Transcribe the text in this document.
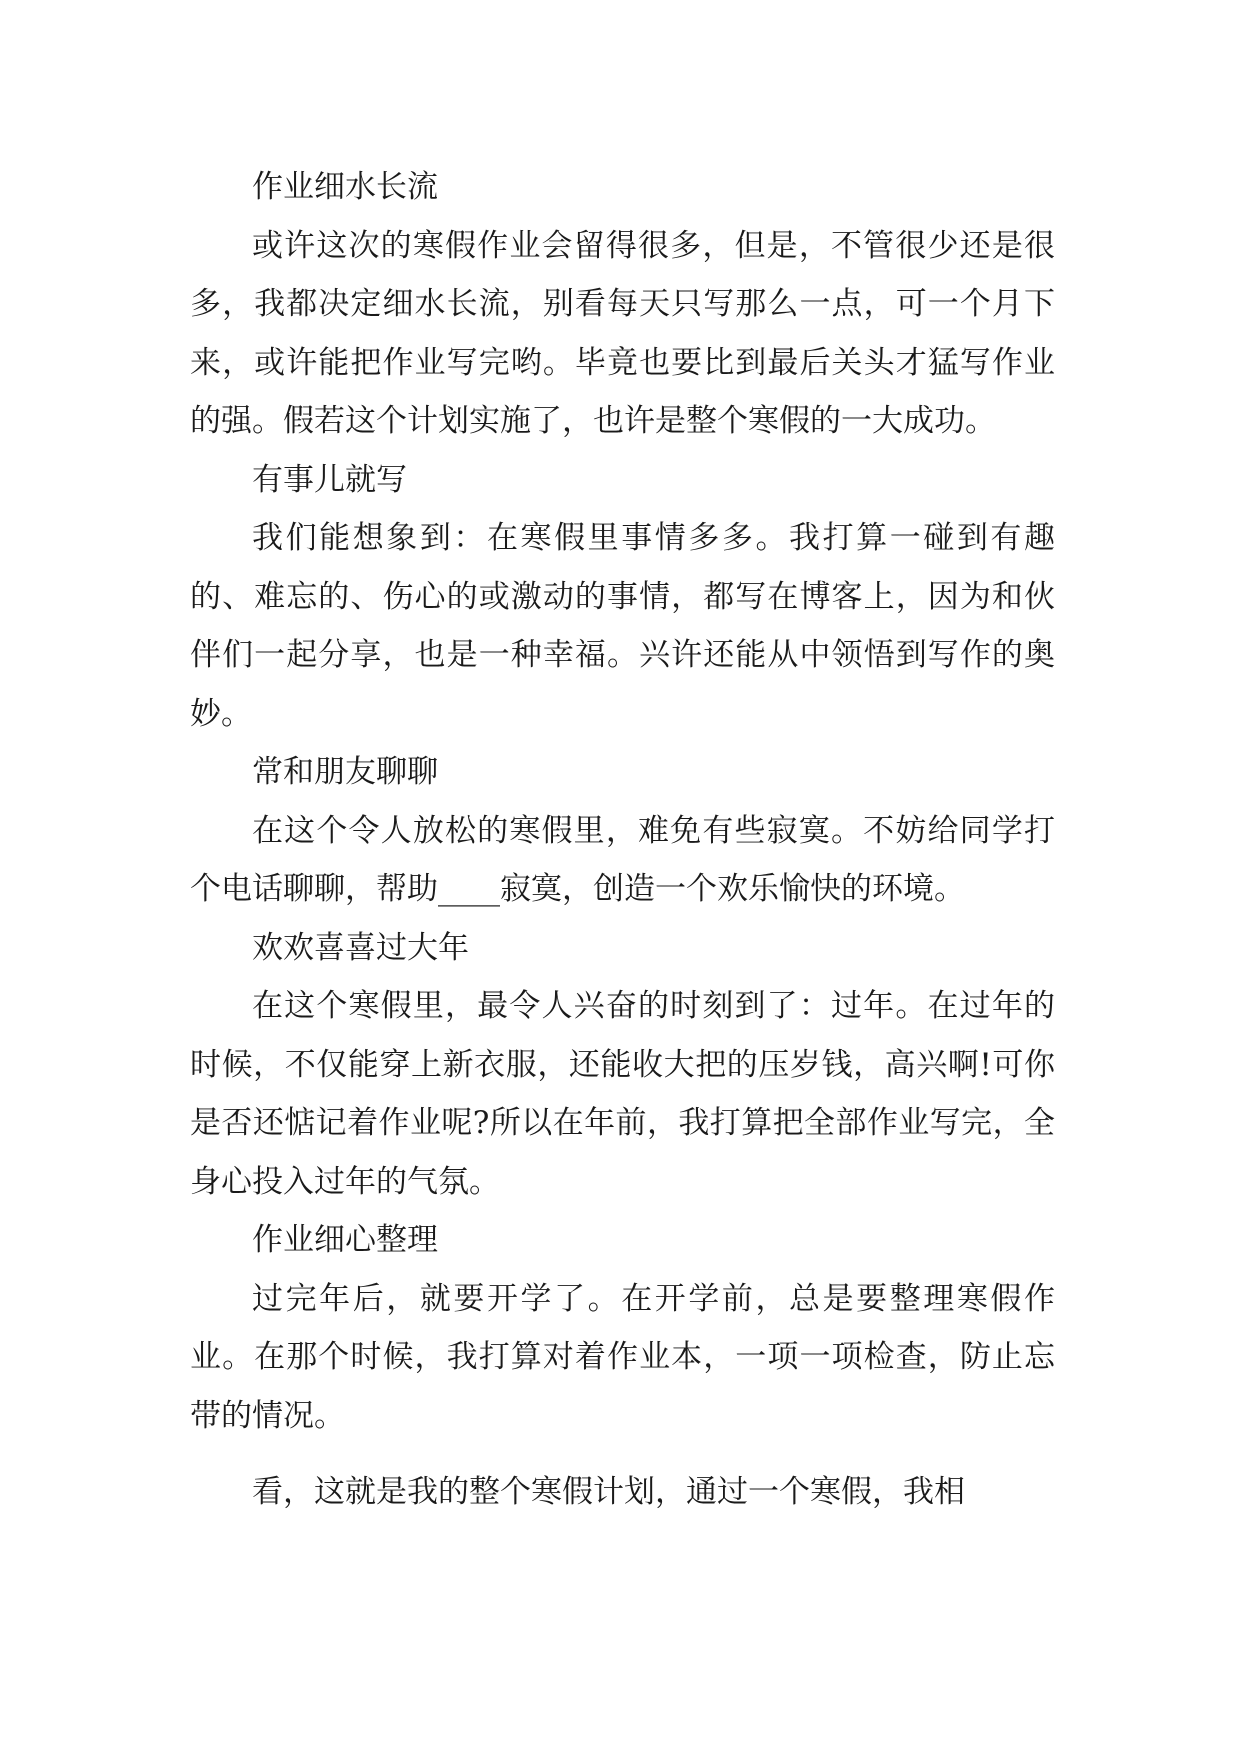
作业细水长流

或许这次的寒假作业会留得很多，但是，不管很少还是很多，我都决定细水长流，别看每天只写那么一点，可一个月下来，或许能把作业写完哟。毕竟也要比到最后关头才猛写作业的强。假若这个计划实施了，也许是整个寒假的一大成功。

有事儿就写

我们能想象到：在寒假里事情多多。我打算一碰到有趣的、难忘的、伤心的或激动的事情，都写在博客上，因为和伙伴们一起分享，也是一种幸福。兴许还能从中领悟到写作的奥妙。

常和朋友聊聊

在这个令人放松的寒假里，难免有些寂寞。不妨给同学打个电话聊聊，帮助____寂寞，创造一个欢乐愉快的环境。

欢欢喜喜过大年

在这个寒假里，最令人兴奋的时刻到了：过年。在过年的时候，不仅能穿上新衣服，还能收大把的压岁钱，高兴啊!可你是否还惦记着作业呢?所以在年前，我打算把全部作业写完，全身心投入过年的气氛。

作业细心整理

过完年后，就要开学了。在开学前，总是要整理寒假作业。在那个时候，我打算对着作业本，一项一项检查，防止忘带的情况。

看，这就是我的整个寒假计划，通过一个寒假，我相
